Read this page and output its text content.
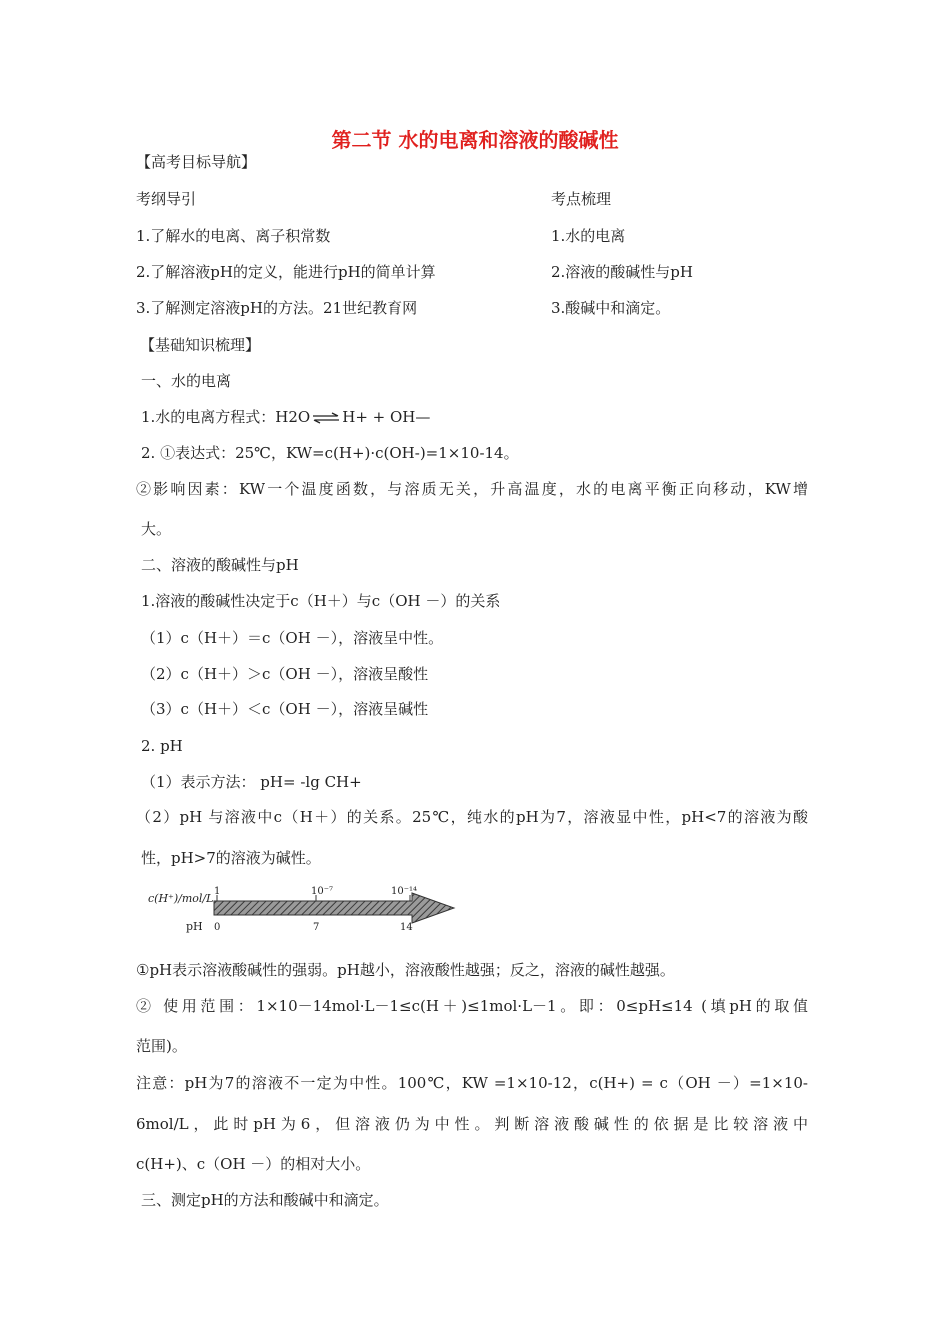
第二节 水的电离和溶液的酸碱性
【高考目标导航】
考纲导引	考点梳理
1.了解水的电离、离子积常数	1.水的电离
2.了解溶液pH的定义，能进行pH的简单计算	2.溶液的酸碱性与pH
3.了解测定溶液pH的方法。21世纪教育网	3.酸碱中和滴定。
【基础知识梳理】
一、水的电离
1.水的电离方程式：H2O⇌H+ + OH—
2. ①表达式：25℃，KW=c(H+)·c(OH-)=1×10-14。
②影响因素：KW一个温度函数，与溶质无关，升高温度，水的电离平衡正向移动，KW增
大。
二、溶液的酸碱性与pH
1.溶液的酸碱性决定于c（H＋）与c（OH －）的关系
（1）c（H＋）＝c（OH －），溶液呈中性。
（2）c（H＋）＞c（OH －），溶液呈酸性
（3）c（H＋）＜c（OH －），溶液呈碱性
2. pH
（1）表示方法： pH= -lg CH+
（2）pH 与溶液中c（H＋）的关系。25℃，纯水的pH为7，溶液显中性，pH<7的溶液为酸
性，pH>7的溶液为碱性。
c(H⁺)/mol/L
pH
1	10⁻⁷	10⁻¹⁴
0	7	14
①pH表示溶液酸碱性的强弱。pH越小，溶液酸性越强；反之，溶液的碱性越强。
② 使用范围：1×10－14mol·L－1≤c(H＋)≤1mol·L－1。即：0≤pH≤14 (填pH的取值
范围)。
注意：pH为7的溶液不一定为中性。100℃，KW =1×10-12，c(H+) = c（OH －）=1×10-
6mol/L，此时pH为6，但溶液仍为中性。判断溶液酸碱性的依据是比较溶液中
c(H+)、c（OH －）的相对大小。
三、测定pH的方法和酸碱中和滴定。
